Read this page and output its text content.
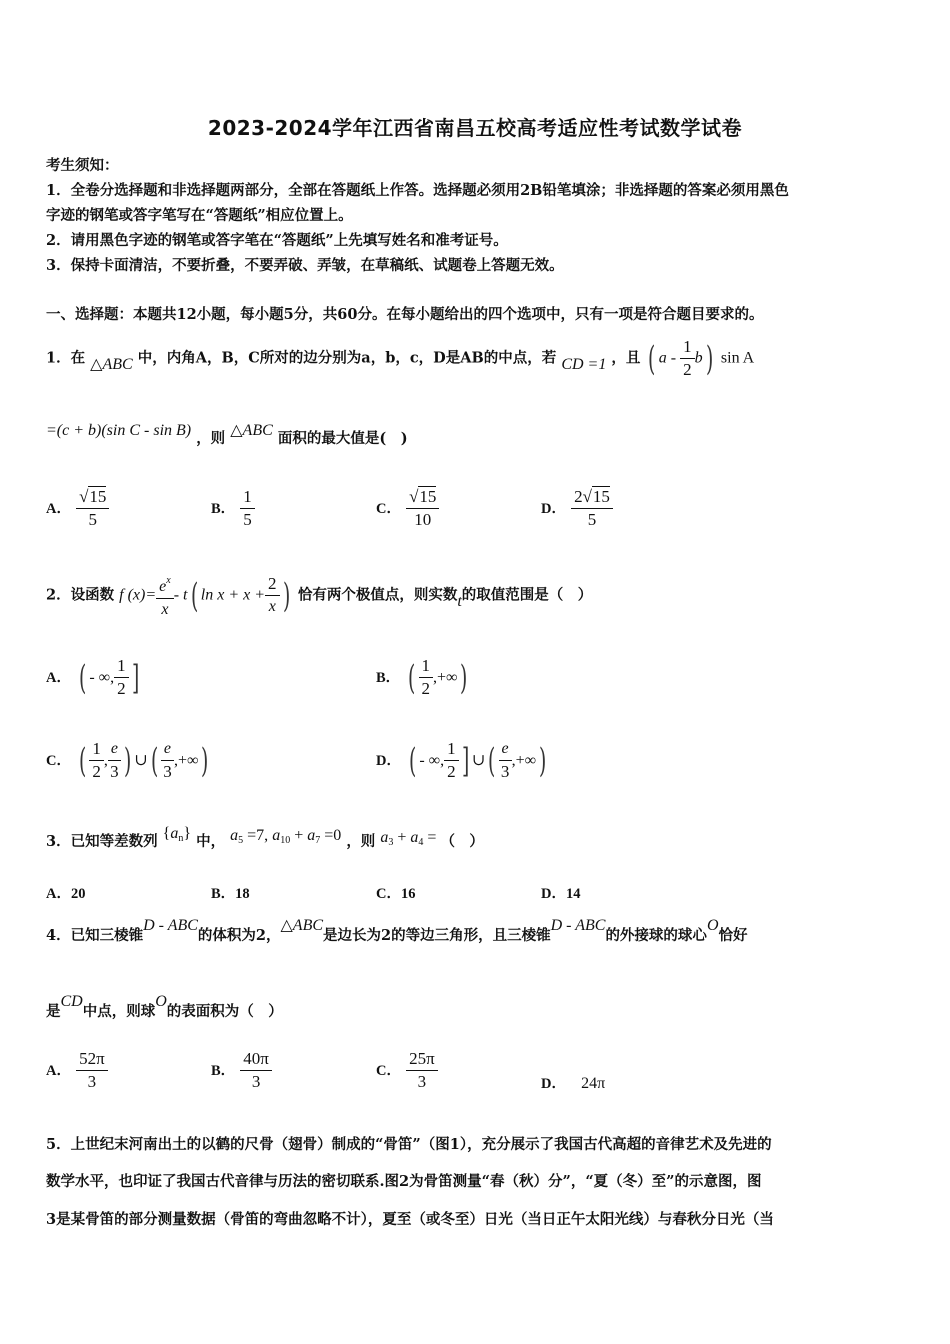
2023-2024学年江西省南昌五校高考适应性考试数学试卷
考生须知：
1．全卷分选择题和非选择题两部分，全部在答题纸上作答。选择题必须用2B铅笔填涂；非选择题的答案必须用黑色
字迹的钢笔或答字笔写在“答题纸”相应位置上。
2．请用黑色字迹的钢笔或答字笔在“答题纸”上先填写姓名和准考证号。
3．保持卡面清洁，不要折叠，不要弄破、弄皱，在草稿纸、试题卷上答题无效。
一、选择题：本题共12小题，每小题5分，共60分。在每小题给出的四个选项中，只有一项是符合题目要求的。
1．在 △ABC 中，内角A，B，C所对的边分别为a，b，c，D是AB的中点，若 CD =1 ，且 ( a - $\frac{1}{2} b$) sin A
=(c + b)(sin C - sin B) ，则 △ABC 面积的最大值是(　)
A． $\frac{√15}{5}$	B． $\frac{1}{5}$	C． $\frac{√15}{10}$	D． $\frac{2√15}{5}$
2．设函数 f $(x)= \frac{e^x}{x} - t$( $\ln x + x + \frac{2}{x}$ ) 恰有两个极值点，则实数t的取值范围是（　）
A． ( - ∞, $\frac{1}{2}$ ]	B． ( $\frac{1}{2}$ ,+∞)
C． ( $\frac{1}{2}$ , $\frac{e}{3}$ ) ∪( $\frac{e}{3}$ ,+∞)	D． ( - ∞, $\frac{1}{2}$ ] ∪( $\frac{e}{3}$ ,+∞)
3．已知等差数列 $\{a_n\}$ 中， $a_5 =7$, $a_{10} + a_7 =0$ ，则 $a_3 + a_4$ = （　）
A．20	B．18	C．16	D．14
4．已知三棱锥D - ABC的体积为2，△ABC是边长为2的等边三角形，且三棱锥D - ABC的外接球的球心O恰好
是CD中点，则球O的表面积为（　）
A． $\frac{52\pi}{3}$	B． $\frac{40\pi}{3}$	C． $\frac{25\pi}{3}$	D． 24π
5．上世纪末河南出土的以鹤的尺骨（翅骨）制成的“骨笛”（图1），充分展示了我国古代高超的音律艺术及先进的
数学水平，也印证了我国古代音律与历法的密切联系.图2为骨笛测量“春（秋）分”，“夏（冬）至”的示意图，图
3是某骨笛的部分测量数据（骨笛的弯曲忽略不计），夏至（或冬至）日光（当日正午太阳光线）与春秋分日光（当
